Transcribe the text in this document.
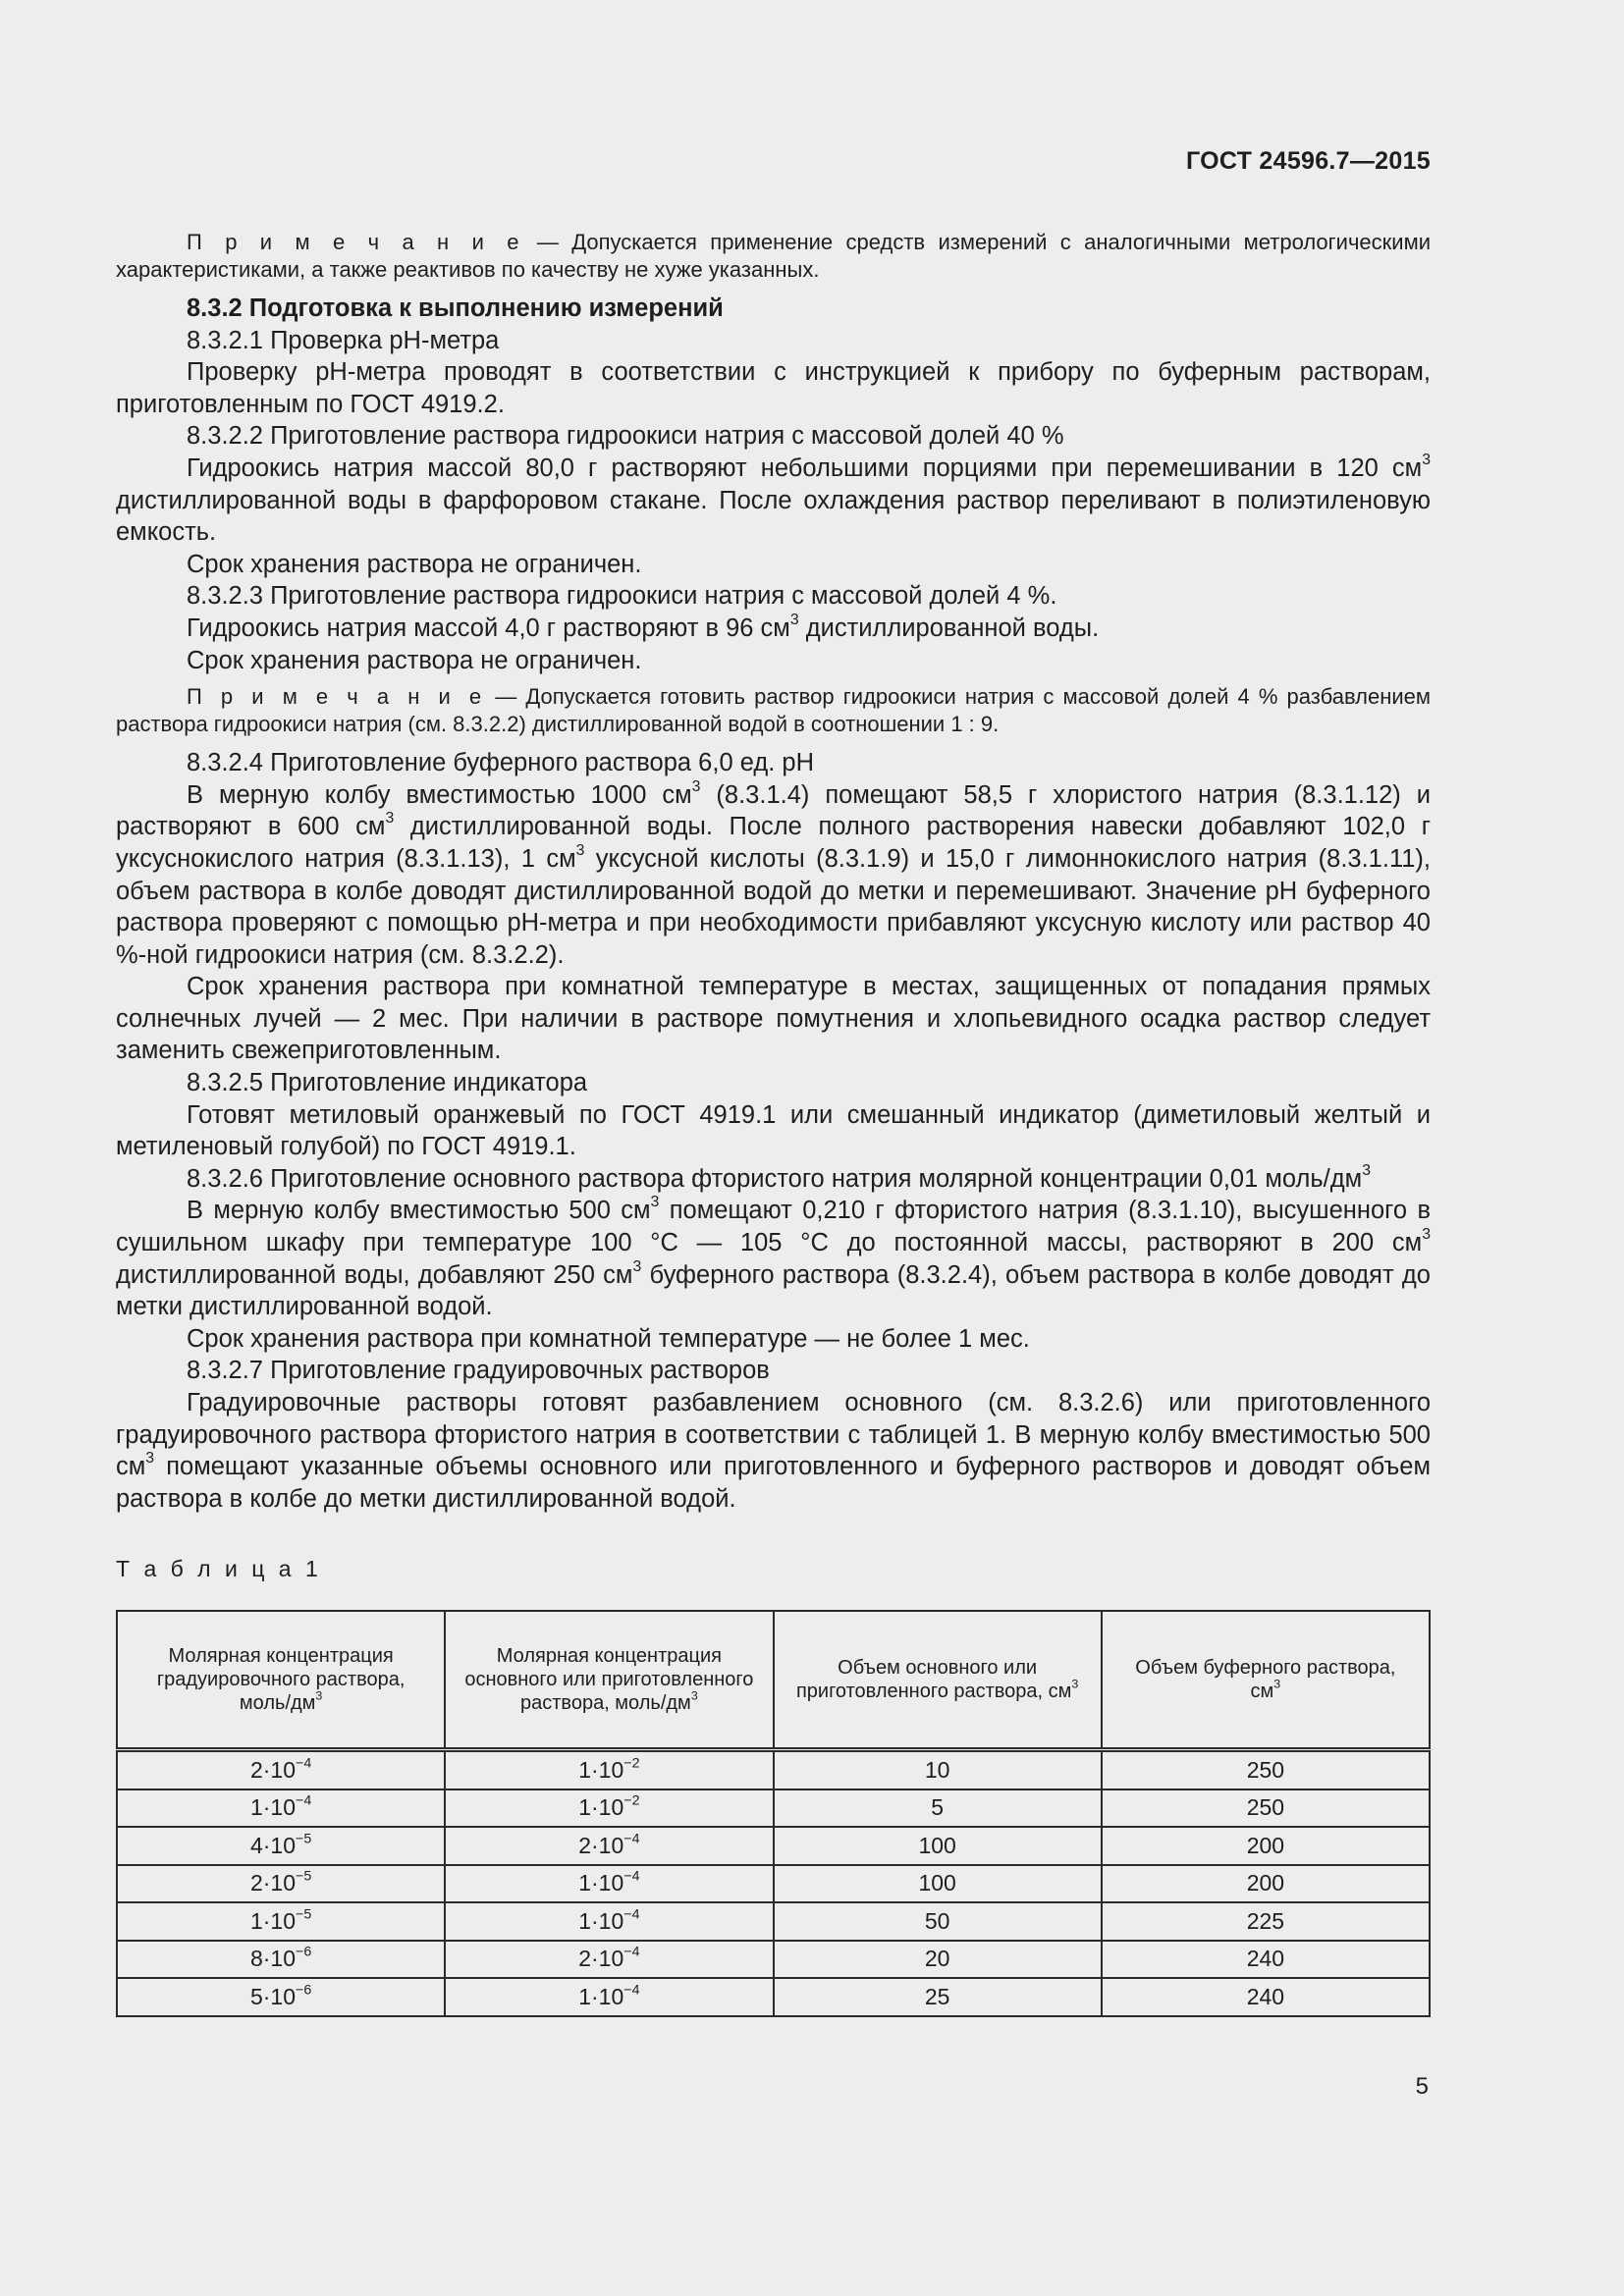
ГОСТ 24596.7—2015

П р и м е ч а н и е — Допускается применение средств измерений с аналогичными метрологическими характеристиками, а также реактивов по качеству не хуже указанных.

8.3.2 Подготовка к выполнению измерений

8.3.2.1 Проверка рН-метра

Проверку рН-метра проводят в соответствии с инструкцией к прибору по буферным растворам, приготовленным по ГОСТ 4919.2.

8.3.2.2 Приготовление раствора гидроокиси натрия с массовой долей 40 %

Гидроокись натрия массой 80,0 г растворяют небольшими порциями при перемешивании в 120 $см^3$ дистиллированной воды в фарфоровом стакане. После охлаждения раствор переливают в полиэтиленовую емкость.

Срок хранения раствора не ограничен.

8.3.2.3 Приготовление раствора гидроокиси натрия с массовой долей 4 %.

Гидроокись натрия массой 4,0 г растворяют в 96 $см^3$ дистиллированной воды.

Срок хранения раствора не ограничен.

П р и м е ч а н и е — Допускается готовить раствор гидроокиси натрия с массовой долей 4 % разбавлением раствора гидроокиси натрия (см. 8.3.2.2) дистиллированной водой в соотношении 1 : 9.

8.3.2.4 Приготовление буферного раствора 6,0 ед. рН

В мерную колбу вместимостью 1000 $см^3$ (8.3.1.4) помещают 58,5 г хлористого натрия (8.3.1.12) и растворяют в 600 $см^3$ дистиллированной воды. После полного растворения навески добавляют 102,0 г уксуснокислого натрия (8.3.1.13), 1 $см^3$ уксусной кислоты (8.3.1.9) и 15,0 г лимоннокислого натрия (8.3.1.11), объем раствора в колбе доводят дистиллированной водой до метки и перемешивают. Значение рН буферного раствора проверяют с помощью рН-метра и при необходимости прибавляют уксусную кислоту или раствор 40 %-ной гидроокиси натрия (см. 8.3.2.2).

Срок хранения раствора при комнатной температуре в местах, защищенных от попадания прямых солнечных лучей — 2 мес. При наличии в растворе помутнения и хлопьевидного осадка раствор следует заменить свежеприготовленным.

8.3.2.5 Приготовление индикатора

Готовят метиловый оранжевый по ГОСТ 4919.1 или смешанный индикатор (диметиловый желтый и метиленовый голубой) по ГОСТ 4919.1.

8.3.2.6 Приготовление основного раствора фтористого натрия молярной концентрации 0,01 моль/$дм^3$

В мерную колбу вместимостью 500 $см^3$ помещают 0,210 г фтористого натрия (8.3.1.10), высушенного в сушильном шкафу при температуре 100 °С — 105 °С до постоянной массы, растворяют в 200 $см^3$ дистиллированной воды, добавляют 250 $см^3$ буферного раствора (8.3.2.4), объем раствора в колбе доводят до метки дистиллированной водой.

Срок хранения раствора при комнатной температуре — не более 1 мес.

8.3.2.7 Приготовление градуировочных растворов

Градуировочные растворы готовят разбавлением основного (см. 8.3.2.6) или приготовленного градуировочного раствора фтористого натрия в соответствии с таблицей 1. В мерную колбу вместимостью 500 $см^3$ помещают указанные объемы основного или приготовленного и буферного растворов и доводят объем раствора в колбе до метки дистиллированной водой.

Т а б л и ц а 1
Молярная концентрация градуировочного раствора, моль/$дм^3$	Молярная концентрация основного или приготовленного раствора, моль/$дм^3$	Объем основного или приготовленного раствора, $см^3$	Объем буферного раствора, $см^3$
$2\cdot 10^{-4}$	$1\cdot 10^{-2}$	10	250
$1\cdot 10^{-4}$	$1\cdot 10^{-2}$	5	250
$4\cdot 10^{-5}$	$2\cdot 10^{-4}$	100	200
$2\cdot 10^{-5}$	$1\cdot 10^{-4}$	100	200
$1\cdot 10^{-5}$	$1\cdot 10^{-4}$	50	225
$8\cdot 10^{-6}$	$2\cdot 10^{-4}$	20	240
$5\cdot 10^{-6}$	$1\cdot 10^{-4}$	25	240
5
